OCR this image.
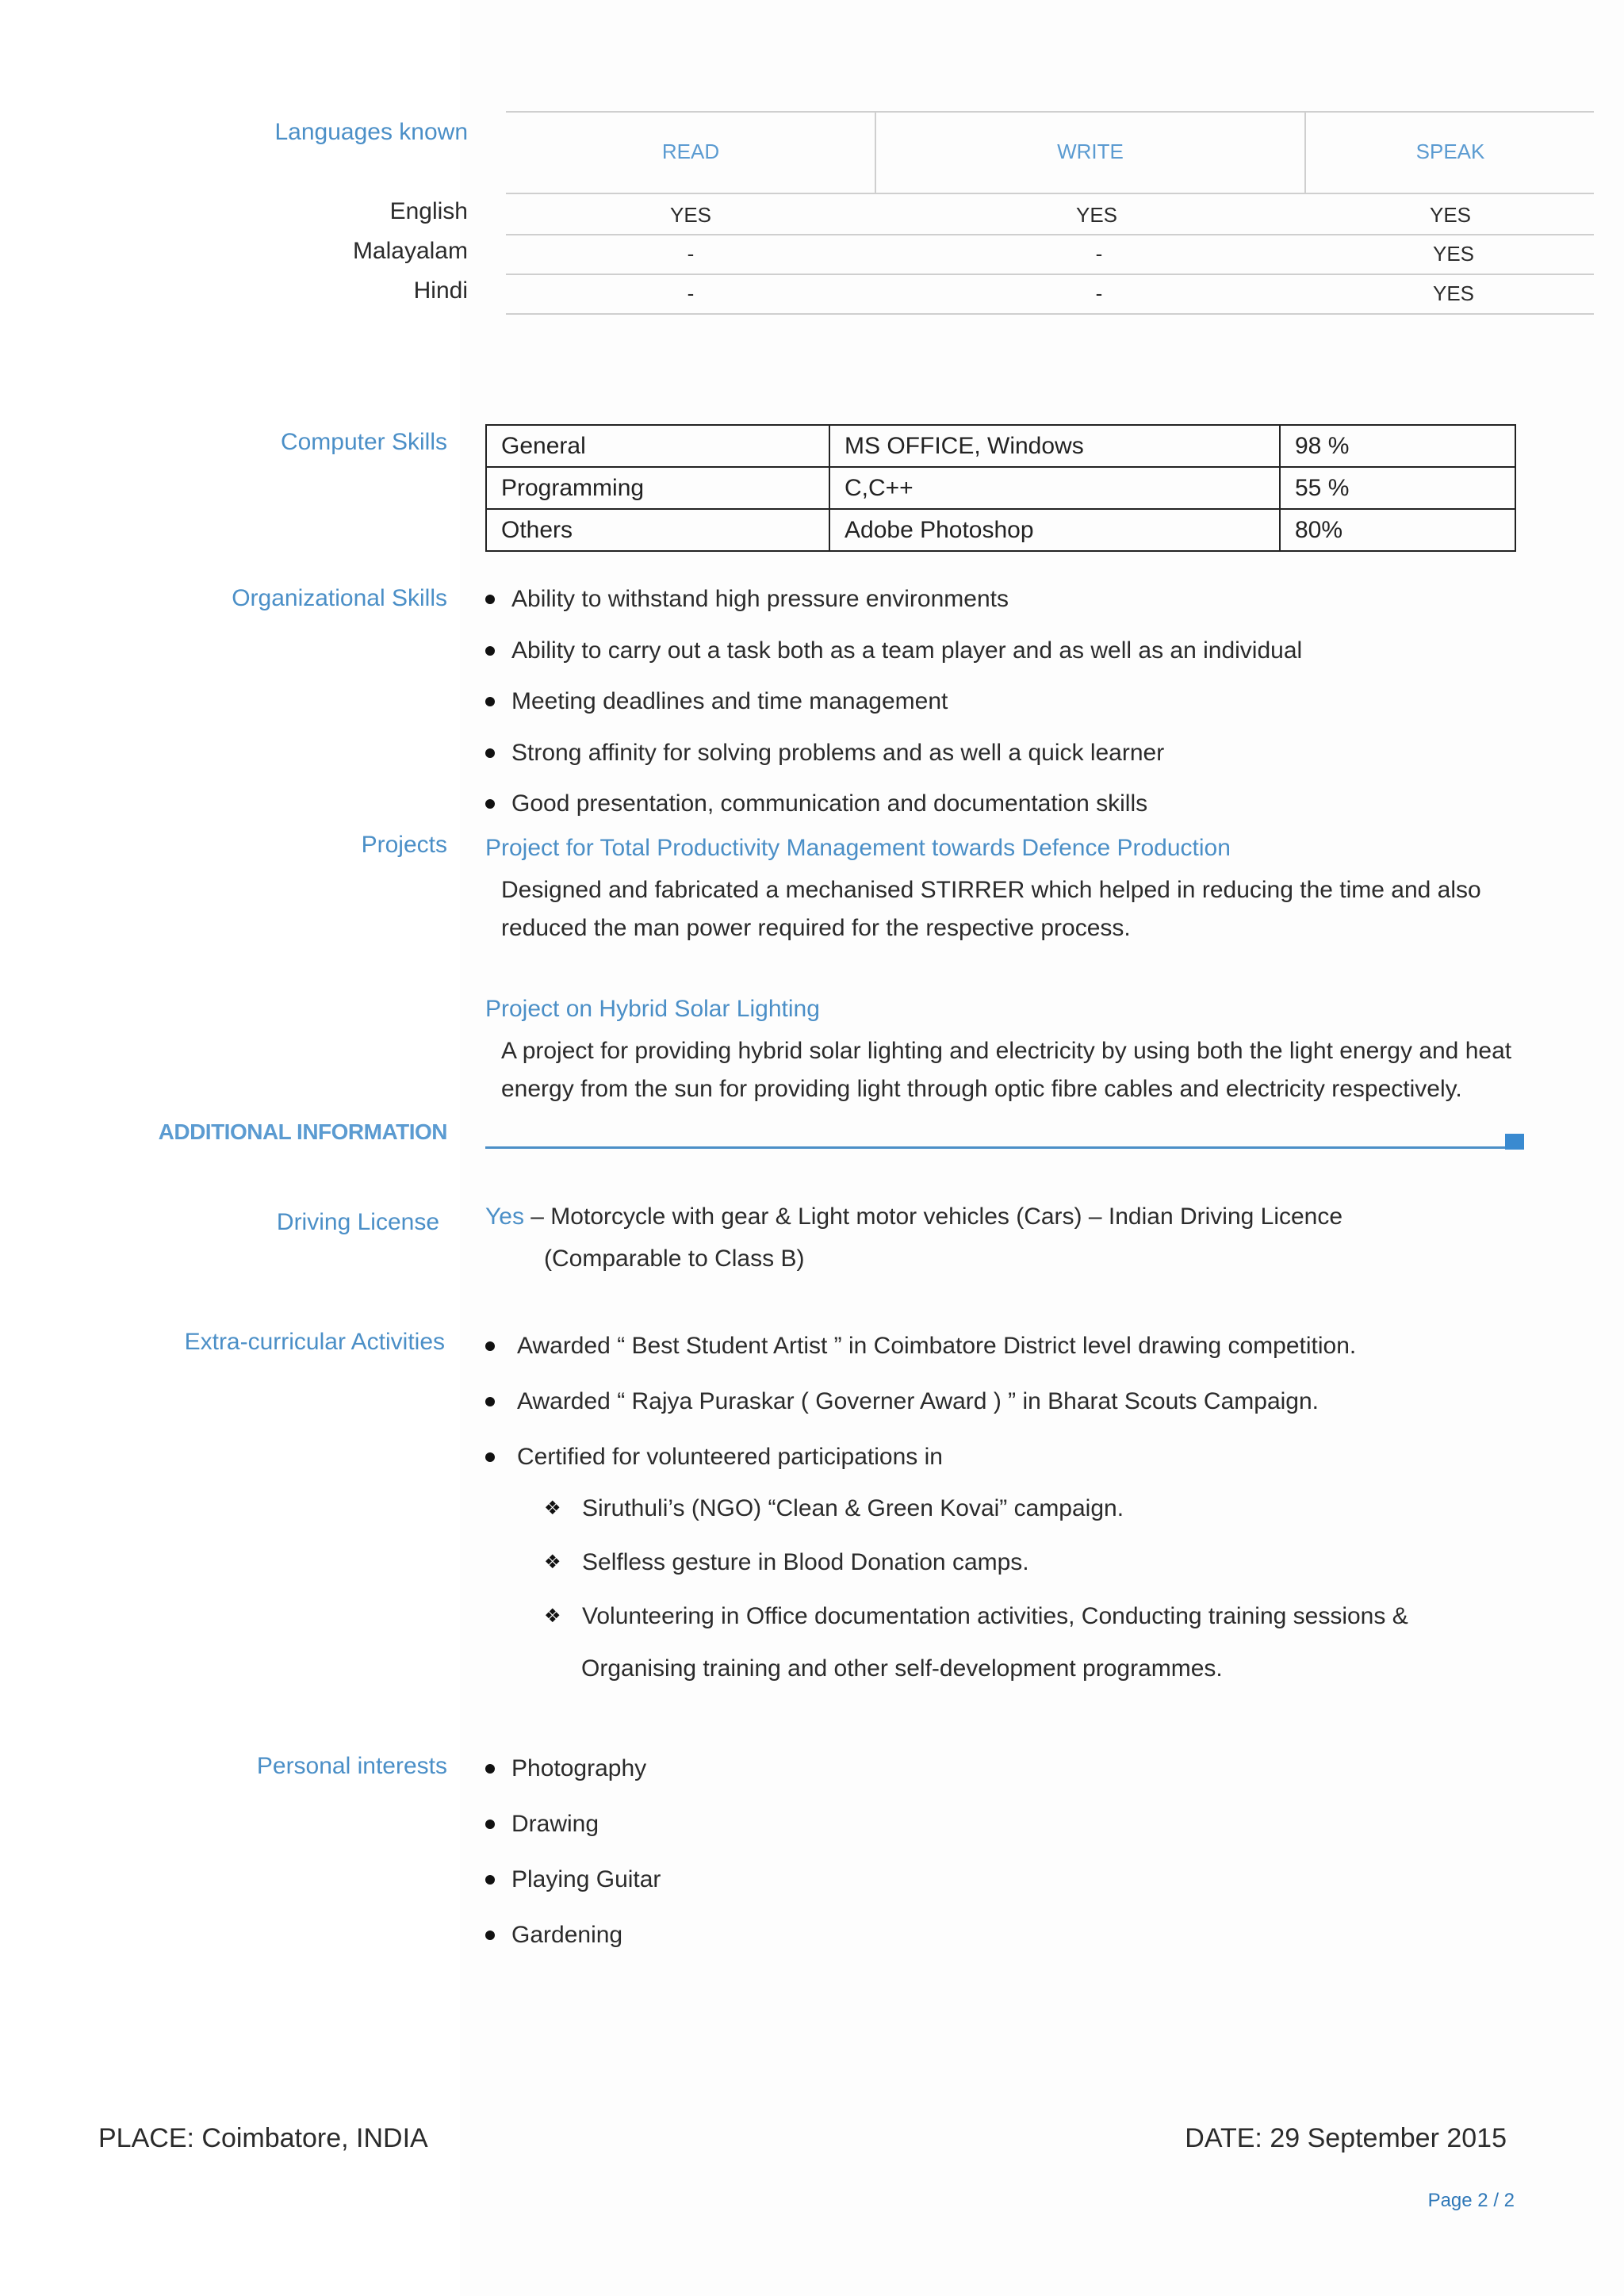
Languages known
READ	WRITE	SPEAK
English	YES	YES	YES
Malayalam	-	-	YES
Hindi	-	-	YES
Computer Skills General	MS OFFICE, Windows	98 %
Programming	C,C++	55 %
Others	Adobe Photoshop	80%
Organizational Skills	Ability to withstand high pressure environments
Ability to carry out a task both as a team player and as well as an individual
Meeting deadlines and time management
Strong affinity for solving problems and as well a quick learner
Good presentation, communication and documentation skills
Projects Project for Total Productivity Management towards Defence Production
Designed and fabricated a mechanised STIRRER which helped in reducing the time and also
reduced the man power required for the respective process.
Project on Hybrid Solar Lighting
A project for providing hybrid solar lighting and electricity by using both the light energy and heat
energy from the sun for providing light through optic fibre cables and electricity respectively.
ADDITIONAL INFORMATION
Driving License Yes – Motorcycle with gear & Light motor vehicles (Cars) – Indian Driving Licence
(Comparable to Class B)
Extra-curricular Activities	Awarded “ Best Student Artist ” in Coimbatore District level drawing competition.
Awarded “ Rajya Puraskar ( Governer Award ) ” in Bharat Scouts Campaign.
Certified for volunteered participations in
❖ Siruthuli’s (NGO) “Clean & Green Kovai” campaign.
❖ Selfless gesture in Blood Donation camps.
❖ Volunteering in Office documentation activities, Conducting training sessions &
Organising training and other self-development programmes.
Personal interests	Photography
Drawing
Playing Guitar
Gardening
PLACE: Coimbatore, INDIA	DATE: 29 September 2015
Page 2 / 2
